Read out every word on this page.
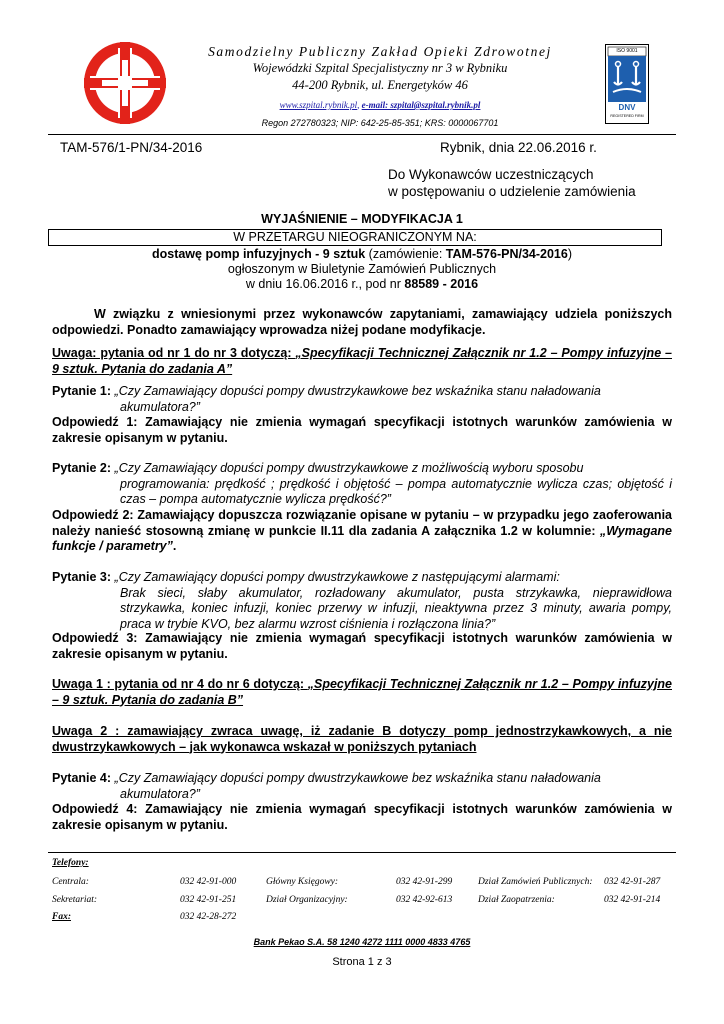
Samodzielny Publiczny Zakład Opieki Zdrowotnej
Wojewódzki Szpital Specjalistyczny nr 3 w Rybniku
44-200 Rybnik, ul. Energetyków 46
www.szpital.rybnik.pl, e-mail: szpital@szpital.rybnik.pl
Regon 272780323; NIP: 642-25-85-351; KRS: 0000067701
DNV
ISO 9001
REGISTERED FIRM
TAM-576/1-PN/34-2016	Rybnik, dnia 22.06.2016 r.
Do Wykonawców uczestniczących
w postępowaniu o udzielenie zamówienia
WYJAŚNIENIE – MODYFIKACJA 1
W PRZETARGU NIEOGRANICZONYM NA:
dostawę pomp infuzyjnych - 9 sztuk (zamówienie: TAM-576-PN/34-2016)
ogłoszonym w Biuletynie Zamówień Publicznych
w dniu 16.06.2016 r., pod nr 88589 - 2016
W związku z wniesionymi przez wykonawców zapytaniami, zamawiający udziela poniższych odpowiedzi. Ponadto zamawiający wprowadza niżej podane modyfikacje.
Uwaga: pytania od nr 1 do nr 3 dotyczą: „Specyfikacji Technicznej Załącznik nr 1.2 – Pompy infuzyjne – 9 sztuk. Pytania do zadania A”
Pytanie 1: „Czy Zamawiający dopuści pompy dwustrzykawkowe bez wskaźnika stanu naładowania
akumulatora?”
Odpowiedź 1: Zamawiający nie zmienia wymagań specyfikacji istotnych warunków zamówienia w zakresie opisanym w pytaniu.
Pytanie 2: „Czy Zamawiający dopuści pompy dwustrzykawkowe z możliwością wyboru sposobu
programowania: prędkość ; prędkość i objętość – pompa automatycznie wylicza czas; objętość i czas – pompa automatycznie wylicza prędkość?”
Odpowiedź 2: Zamawiający dopuszcza rozwiązanie opisane w pytaniu – w przypadku jego zaoferowania należy nanieść stosowną zmianę w punkcie II.11 dla zadania A załącznika 1.2 w kolumnie: „Wymagane funkcje / parametry”.
Pytanie 3: „Czy Zamawiający dopuści pompy dwustrzykawkowe z następującymi alarmami:
Brak sieci, słaby akumulator, rozładowany akumulator, pusta strzykawka, nieprawidłowa strzykawka, koniec infuzji, koniec przerwy w infuzji, nieaktywna przez 3 minuty, awaria pompy, praca w trybie KVO, bez alarmu wzrost ciśnienia i rozłączona linia?”
Odpowiedź 3: Zamawiający nie zmienia wymagań specyfikacji istotnych warunków zamówienia w zakresie opisanym w pytaniu.
Uwaga 1 : pytania od nr 4 do nr 6 dotyczą: „Specyfikacji Technicznej Załącznik nr 1.2 – Pompy infuzyjne – 9 sztuk. Pytania do zadania B”
Uwaga 2 : zamawiający zwraca uwagę, iż zadanie B dotyczy pomp jednostrzykawkowych, a nie dwustrzykawkowych – jak wykonawca wskazał w poniższych pytaniach
Pytanie 4: „Czy Zamawiający dopuści pompy dwustrzykawkowe bez wskaźnika stanu naładowania
akumulatora?”
Odpowiedź 4: Zamawiający nie zmienia wymagań specyfikacji istotnych warunków zamówienia w zakresie opisanym w pytaniu.
Telefony:
Centrala:	032 42-91-000	Główny Księgowy:	032 42-91-299	Dział Zamówień Publicznych: 032 42-91-287
Sekretariat:	032 42-91-251	Dział Organizacyjny:	032 42-92-613	Dział Zaopatrzenia:	032 42-91-214
Fax:	032 42-28-272
Bank Pekao S.A. 58 1240 4272 1111 0000 4833 4765
Strona 1 z 3
